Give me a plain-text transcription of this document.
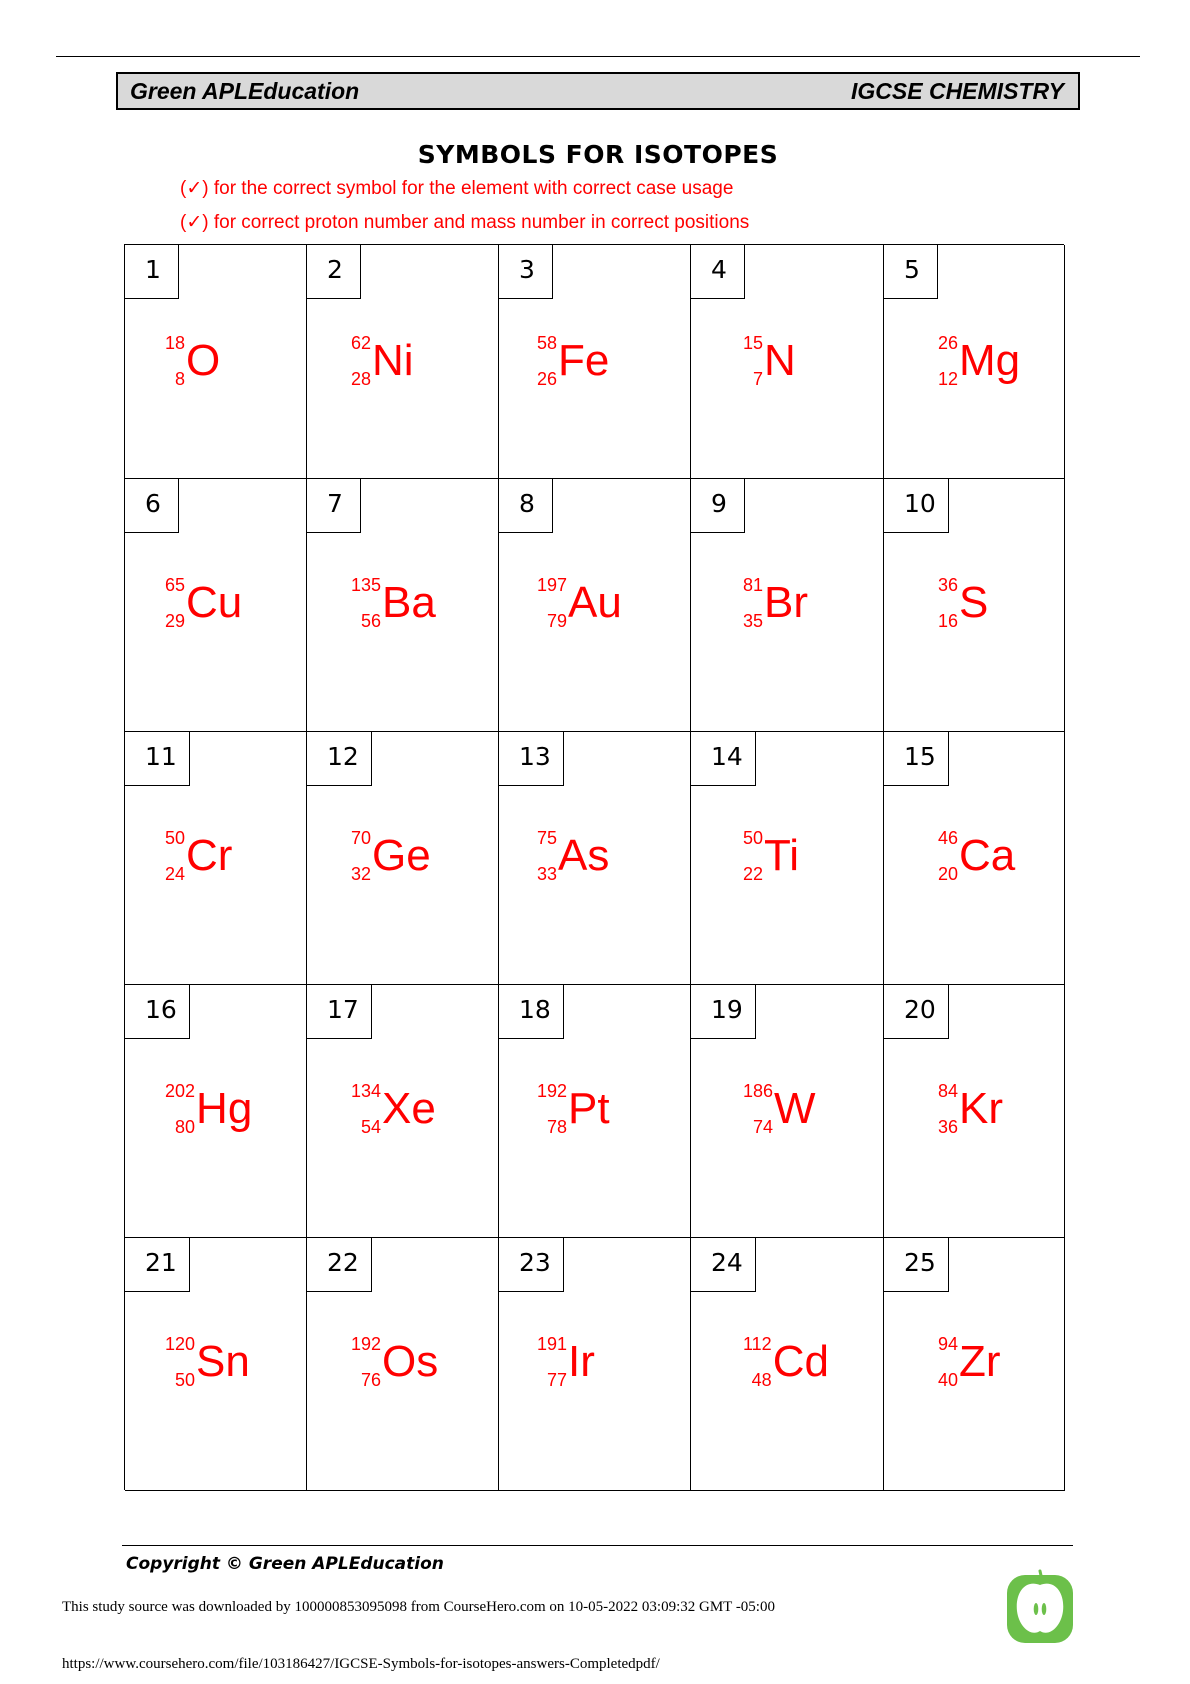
Green APLEducation	IGCSE CHEMISTRY
SYMBOLS FOR ISOTOPES
(✓) for the correct symbol for the element with correct case usage
(✓) for correct proton number and mass number in correct positions
1
18
8 O
2
62
28 Ni
3
58
26 Fe
4
15
7 N
5
26
12 Mg
6
65
29 Cu
7
135
56 Ba
8
197
79 Au
9
81
35 Br
10
36
16 S
11
50
24 Cr
12
70
32 Ge
13
75
33 As
14
50
22 Ti
15
46
20 Ca
16
202
80 Hg
17
134
54 Xe
18
192
78 Pt
19
186
74 W
20
84
36 Kr
21
120
50 Sn
22
192
76 Os
23
191
77 Ir
24
112
48 Cd
25
94
40 Zr
Copyright © Green APLEducation
This study source was downloaded by 100000853095098 from CourseHero.com on 10-05-2022 03:09:32 GMT -05:00
https://www.coursehero.com/file/103186427/IGCSE-Symbols-for-isotopes-answers-Completedpdf/
